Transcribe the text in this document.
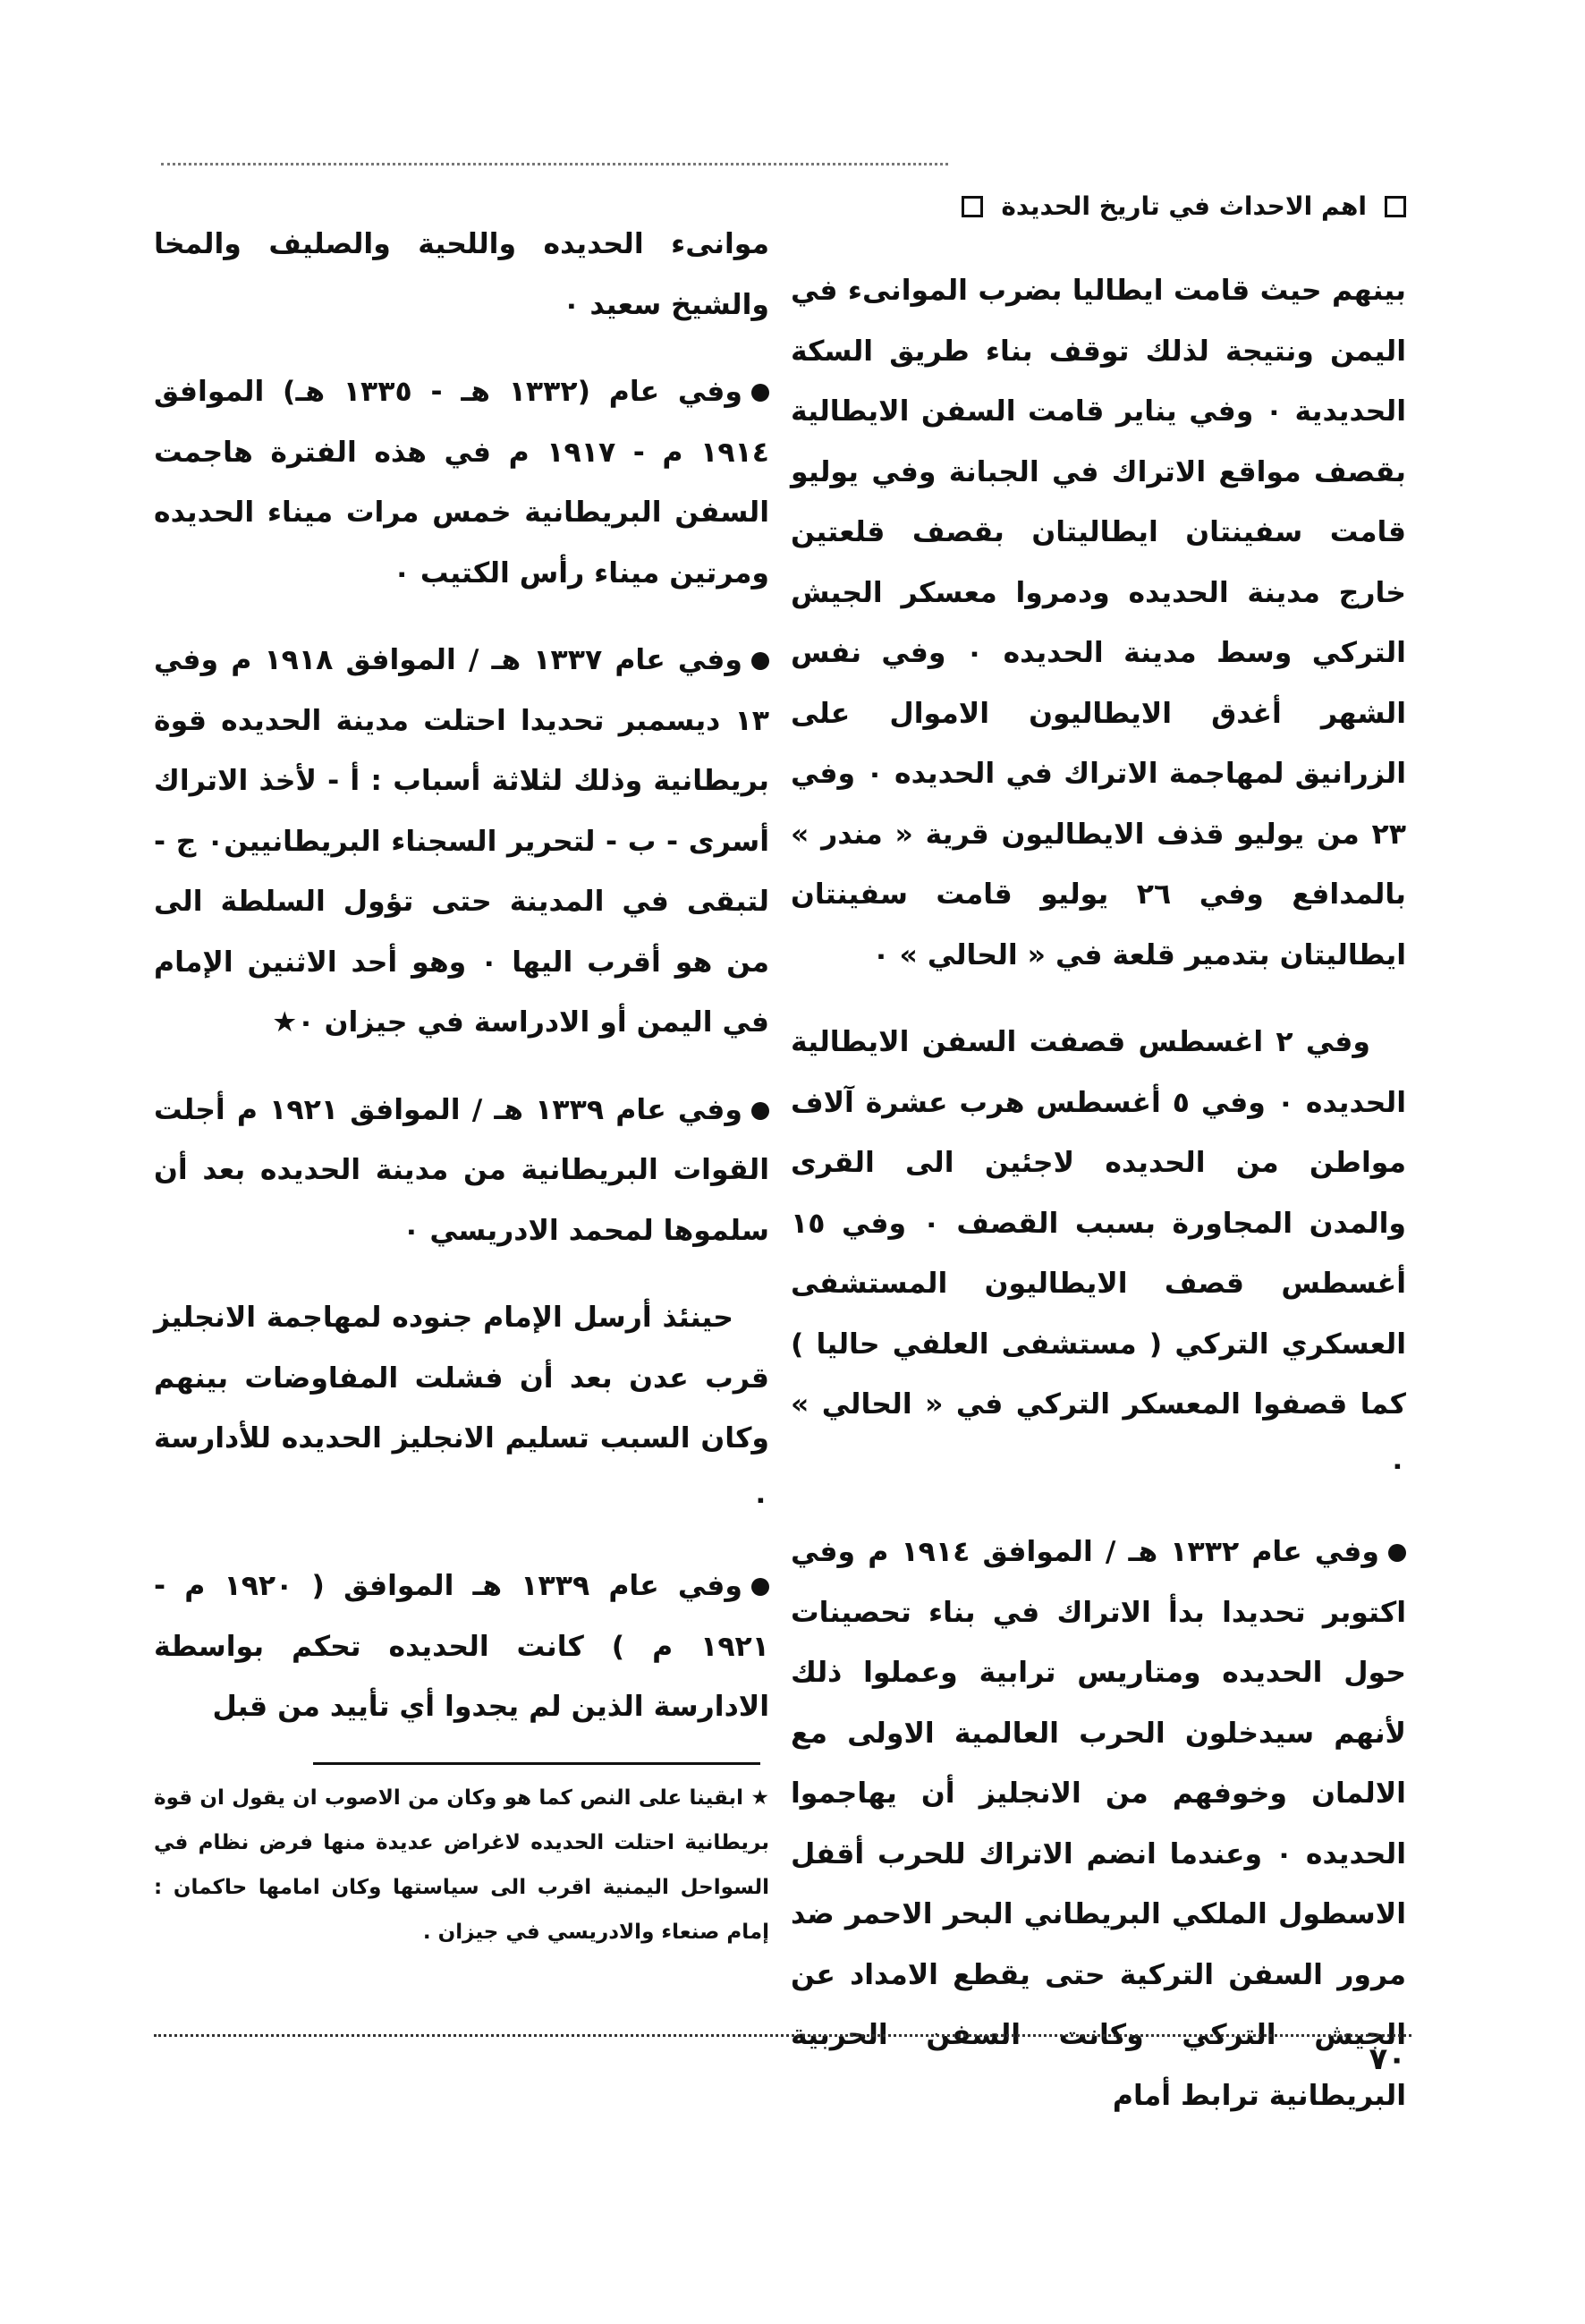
اهم الاحداث في تاريخ الحديدة

بينهم حيث قامت ايطاليا بضرب الموانىء في اليمن ونتيجة لذلك توقف بناء طريق السكة الحديدية ٠ وفي يناير قامت السفن الايطالية بقصف مواقع الاتراك في الجبانة وفي يوليو قامت سفينتان ايطاليتان بقصف قلعتين خارج مدينة الحديده ودمروا معسكر الجيش التركي وسط مدينة الحديده ٠ وفي نفس الشهر أغدق الايطاليون الاموال على الزرانيق لمهاجمة الاتراك في الحديده ٠ وفي ٢٣ من يوليو قذف الايطاليون قرية « مندر » بالمدافع وفي ٢٦ يوليو قامت سفينتان ايطاليتان بتدمير قلعة في « الحالي » ٠

وفي ٢ اغسطس قصفت السفن الايطالية الحديده ٠ وفي ٥ أغسطس هرب عشرة آلاف مواطن من الحديده لاجئين الى القرى والمدن المجاورة بسبب القصف ٠ وفي ١٥ أغسطس قصف الايطاليون المستشفى العسكري التركي ( مستشفى العلفي حاليا ) كما قصفوا المعسكر التركي في « الحالي » ٠

وفي عام ١٣٣٢ هـ / الموافق ١٩١٤ م وفي اكتوبر تحديدا بدأ الاتراك في بناء تحصينات حول الحديده ومتاريس ترابية وعملوا ذلك لأنهم سيدخلون الحرب العالمية الاولى مع الالمان وخوفهم من الانجليز أن يهاجموا الحديده ٠ وعندما انضم الاتراك للحرب أقفل الاسطول الملكي البريطاني البحر الاحمر ضد مرور السفن التركية حتى يقطع الامداد عن الجيش التركي وكانت السفن الحربية البريطانية ترابط أمام

موانىء الحديده واللحية والصليف والمخا والشيخ سعيد ٠

وفي عام (١٣٣٢ هـ - ١٣٣٥ هـ) الموافق ١٩١٤ م - ١٩١٧ م في هذه الفترة هاجمت السفن البريطانية خمس مرات ميناء الحديده ومرتين ميناء رأس الكتيب ٠

وفي عام ١٣٣٧ هـ / الموافق ١٩١٨ م وفي ١٣ ديسمبر تحديدا احتلت مدينة الحديده قوة بريطانية وذلك لثلاثة أسباب : أ - لأخذ الاتراك أسرى - ب - لتحرير السجناء البريطانيين٠ ج - لتبقى في المدينة حتى تؤول السلطة الى من هو أقرب اليها ٠ وهو أحد الاثنين الإمام في اليمن أو الادراسة في جيزان ٠★

وفي عام ١٣٣٩ هـ / الموافق ١٩٢١ م أجلت القوات البريطانية من مدينة الحديده بعد أن سلموها لمحمد الادريسي ٠

حينئذ أرسل الإمام جنوده لمهاجمة الانجليز قرب عدن بعد أن فشلت المفاوضات بينهم وكان السبب تسليم الانجليز الحديده للأدارسة ٠

وفي عام ١٣٣٩ هـ الموافق ( ١٩٢٠ م - ١٩٢١ م ) كانت الحديده تحكم بواسطة الادارسة الذين لم يجدوا أي تأييد من قبل

★ ابقينا على النص كما هو وكان من الاصوب ان يقول ان قوة بريطانية احتلت الحديده لاغراض عديدة منها فرض نظام في السواحل اليمنية اقرب الى سياستها وكان امامها حاكمان : إمام صنعاء والادريسي في جيزان .
٧٠
